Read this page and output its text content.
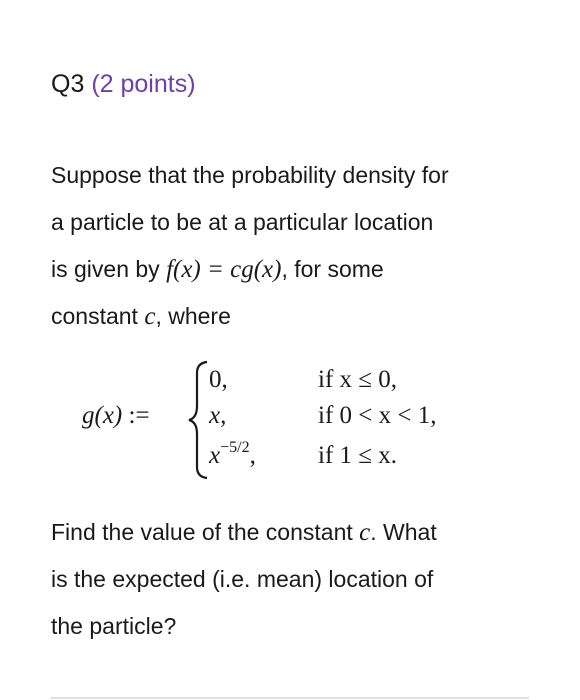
Q3 (2 points)

Suppose that the probability density for

a particle to be at a particular location

is given by f(x) = cg(x), for some

constant c, where

g(x) :=
0,	if x ≤ 0,
x,	if 0 < x < 1,
$x^{-5/2}$, if 1 ≤ x.

Find the value of the constant c. What

is the expected (i.e. mean) location of

the particle?
